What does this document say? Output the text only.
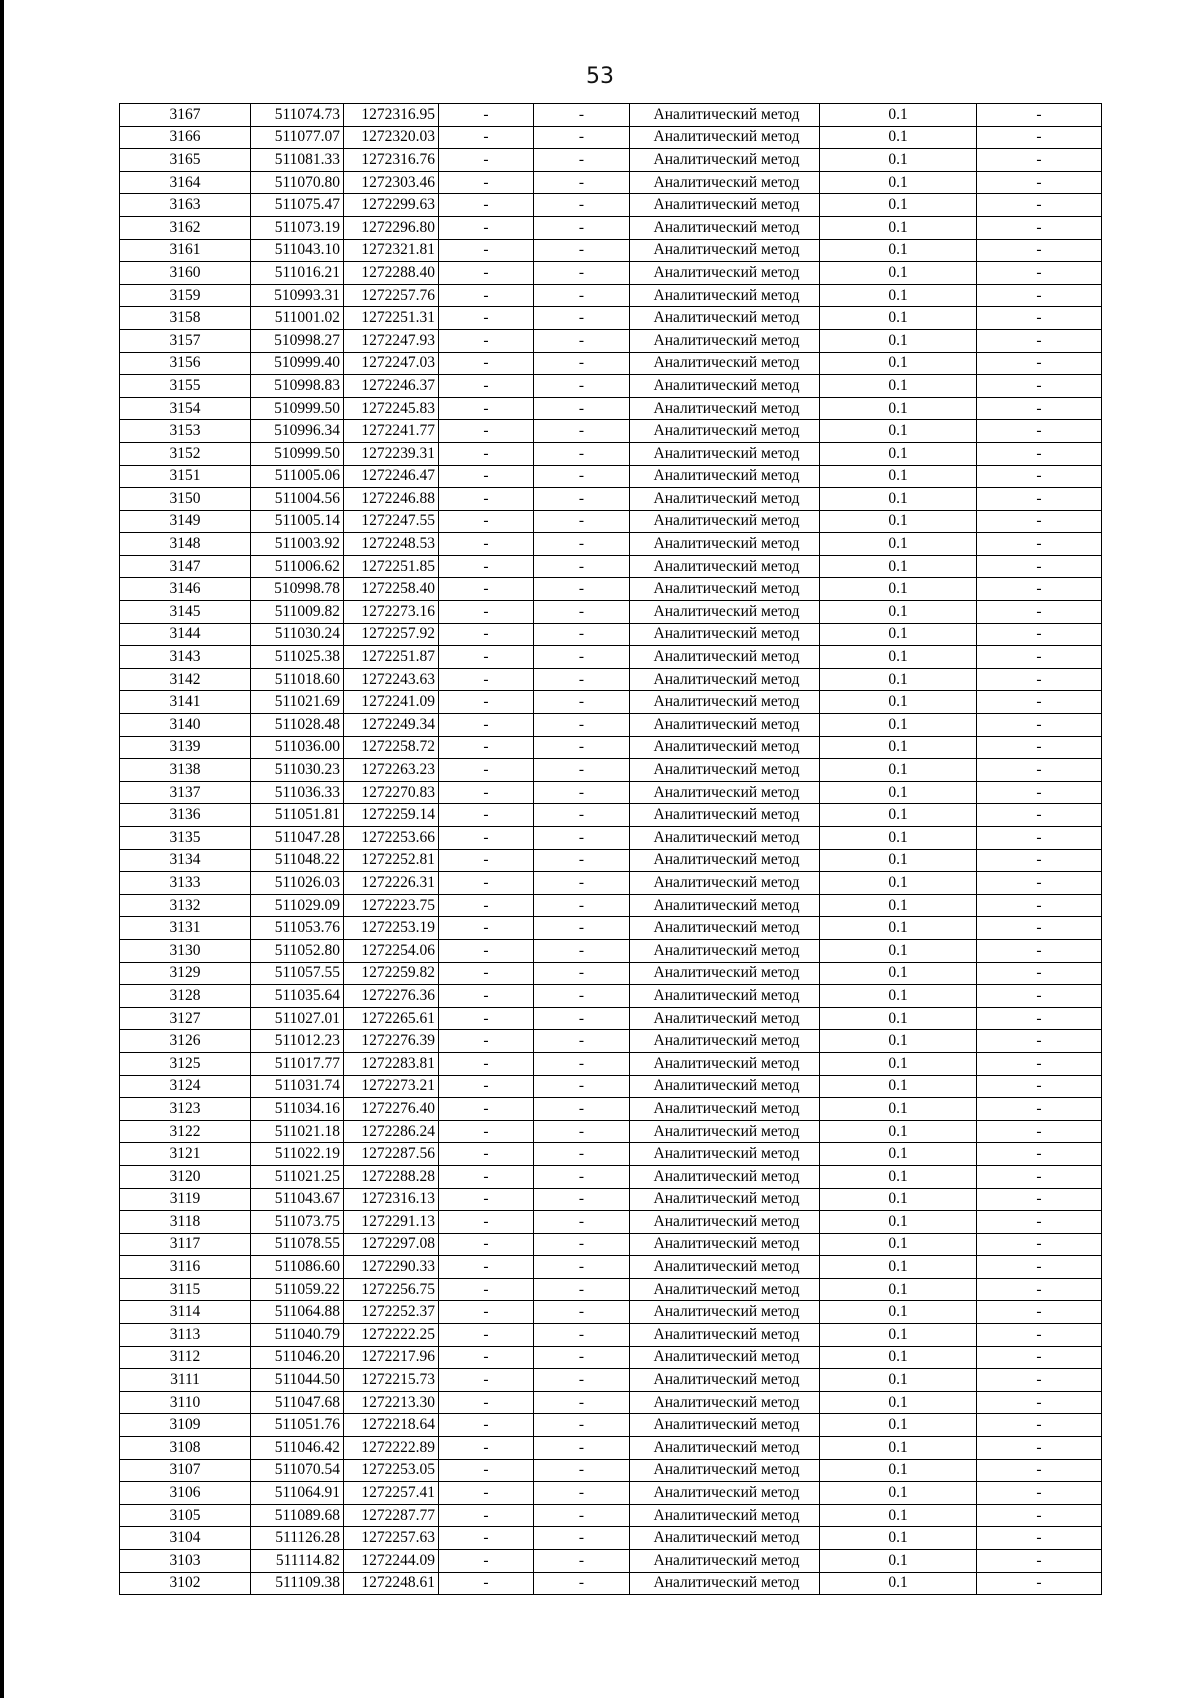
53
3167	511074.73	1272316.95	-	-	Аналитический метод	0.1	-
3166	511077.07	1272320.03	-	-	Аналитический метод	0.1	-
3165	511081.33	1272316.76	-	-	Аналитический метод	0.1	-
3164	511070.80	1272303.46	-	-	Аналитический метод	0.1	-
3163	511075.47	1272299.63	-	-	Аналитический метод	0.1	-
3162	511073.19	1272296.80	-	-	Аналитический метод	0.1	-
3161	511043.10	1272321.81	-	-	Аналитический метод	0.1	-
3160	511016.21	1272288.40	-	-	Аналитический метод	0.1	-
3159	510993.31	1272257.76	-	-	Аналитический метод	0.1	-
3158	511001.02	1272251.31	-	-	Аналитический метод	0.1	-
3157	510998.27	1272247.93	-	-	Аналитический метод	0.1	-
3156	510999.40	1272247.03	-	-	Аналитический метод	0.1	-
3155	510998.83	1272246.37	-	-	Аналитический метод	0.1	-
3154	510999.50	1272245.83	-	-	Аналитический метод	0.1	-
3153	510996.34	1272241.77	-	-	Аналитический метод	0.1	-
3152	510999.50	1272239.31	-	-	Аналитический метод	0.1	-
3151	511005.06	1272246.47	-	-	Аналитический метод	0.1	-
3150	511004.56	1272246.88	-	-	Аналитический метод	0.1	-
3149	511005.14	1272247.55	-	-	Аналитический метод	0.1	-
3148	511003.92	1272248.53	-	-	Аналитический метод	0.1	-
3147	511006.62	1272251.85	-	-	Аналитический метод	0.1	-
3146	510998.78	1272258.40	-	-	Аналитический метод	0.1	-
3145	511009.82	1272273.16	-	-	Аналитический метод	0.1	-
3144	511030.24	1272257.92	-	-	Аналитический метод	0.1	-
3143	511025.38	1272251.87	-	-	Аналитический метод	0.1	-
3142	511018.60	1272243.63	-	-	Аналитический метод	0.1	-
3141	511021.69	1272241.09	-	-	Аналитический метод	0.1	-
3140	511028.48	1272249.34	-	-	Аналитический метод	0.1	-
3139	511036.00	1272258.72	-	-	Аналитический метод	0.1	-
3138	511030.23	1272263.23	-	-	Аналитический метод	0.1	-
3137	511036.33	1272270.83	-	-	Аналитический метод	0.1	-
3136	511051.81	1272259.14	-	-	Аналитический метод	0.1	-
3135	511047.28	1272253.66	-	-	Аналитический метод	0.1	-
3134	511048.22	1272252.81	-	-	Аналитический метод	0.1	-
3133	511026.03	1272226.31	-	-	Аналитический метод	0.1	-
3132	511029.09	1272223.75	-	-	Аналитический метод	0.1	-
3131	511053.76	1272253.19	-	-	Аналитический метод	0.1	-
3130	511052.80	1272254.06	-	-	Аналитический метод	0.1	-
3129	511057.55	1272259.82	-	-	Аналитический метод	0.1	-
3128	511035.64	1272276.36	-	-	Аналитический метод	0.1	-
3127	511027.01	1272265.61	-	-	Аналитический метод	0.1	-
3126	511012.23	1272276.39	-	-	Аналитический метод	0.1	-
3125	511017.77	1272283.81	-	-	Аналитический метод	0.1	-
3124	511031.74	1272273.21	-	-	Аналитический метод	0.1	-
3123	511034.16	1272276.40	-	-	Аналитический метод	0.1	-
3122	511021.18	1272286.24	-	-	Аналитический метод	0.1	-
3121	511022.19	1272287.56	-	-	Аналитический метод	0.1	-
3120	511021.25	1272288.28	-	-	Аналитический метод	0.1	-
3119	511043.67	1272316.13	-	-	Аналитический метод	0.1	-
3118	511073.75	1272291.13	-	-	Аналитический метод	0.1	-
3117	511078.55	1272297.08	-	-	Аналитический метод	0.1	-
3116	511086.60	1272290.33	-	-	Аналитический метод	0.1	-
3115	511059.22	1272256.75	-	-	Аналитический метод	0.1	-
3114	511064.88	1272252.37	-	-	Аналитический метод	0.1	-
3113	511040.79	1272222.25	-	-	Аналитический метод	0.1	-
3112	511046.20	1272217.96	-	-	Аналитический метод	0.1	-
3111	511044.50	1272215.73	-	-	Аналитический метод	0.1	-
3110	511047.68	1272213.30	-	-	Аналитический метод	0.1	-
3109	511051.76	1272218.64	-	-	Аналитический метод	0.1	-
3108	511046.42	1272222.89	-	-	Аналитический метод	0.1	-
3107	511070.54	1272253.05	-	-	Аналитический метод	0.1	-
3106	511064.91	1272257.41	-	-	Аналитический метод	0.1	-
3105	511089.68	1272287.77	-	-	Аналитический метод	0.1	-
3104	511126.28	1272257.63	-	-	Аналитический метод	0.1	-
3103	511114.82	1272244.09	-	-	Аналитический метод	0.1	-
3102	511109.38	1272248.61	-	-	Аналитический метод	0.1	-
